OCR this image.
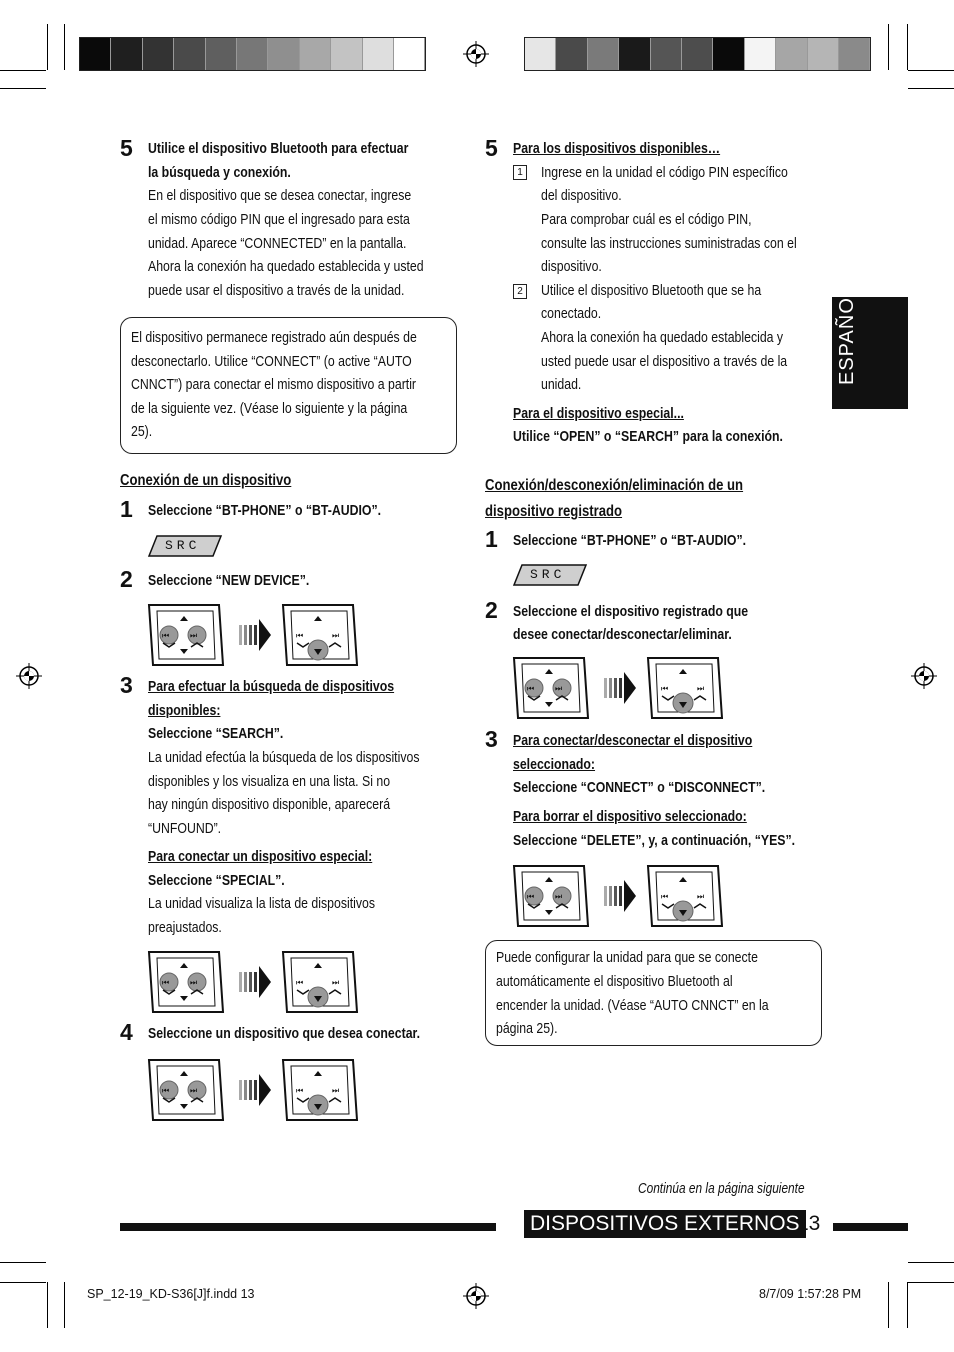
ESPAÑOL
5 Utilice el dispositivo Bluetooth para efectuar
la búsqueda y conexión.
En el dispositivo que se desea conectar, ingrese
el mismo código PIN que el ingresado para esta
unidad. Aparece “CONNECTED” en la pantalla.
Ahora la conexión ha quedado establecida y usted
puede usar el dispositivo a través de la unidad.
El dispositivo permanece registrado aún después de
desconectarlo. Utilice “CONNECT” (o active “AUTO
CNNCT”) para conectar el mismo dispositivo a partir
de la siguiente vez. (Véase lo siguiente y la página
25).
Conexión de un dispositivo
1 Seleccione “BT-PHONE” o “BT-AUDIO”.
SRC
2 Seleccione “NEW DEVICE”.
⏮	⏭	⏮	⏭
3 Para efectuar la búsqueda de dispositivos
disponibles:
Seleccione “SEARCH”.
La unidad efectúa la búsqueda de los dispositivos
disponibles y los visualiza en una lista. Si no
hay ningún dispositivo disponible, aparecerá
“UNFOUND”.
Para conectar un dispositivo especial:
Seleccione “SPECIAL”.
La unidad visualiza la lista de dispositivos
preajustados.
⏮	⏭	⏮	⏭
4 Seleccione un dispositivo que desea conectar.
⏮	⏭	⏮	⏭
5 Para los dispositivos disponibles…
1 Ingrese en la unidad el código PIN específico
del dispositivo.
Para comprobar cuál es el código PIN,
consulte las instrucciones suministradas con el
dispositivo.
2 Utilice el dispositivo Bluetooth que se ha
conectado.
Ahora la conexión ha quedado establecida y
usted puede usar el dispositivo a través de la
unidad.
Para el dispositivo especial...
Utilice “OPEN” o “SEARCH” para la conexión.
Conexión/desconexión/eliminación de un
dispositivo registrado
1 Seleccione “BT-PHONE” o “BT-AUDIO”.
SRC
2 Seleccione el dispositivo registrado que
desee conectar/desconectar/eliminar.
⏮	⏭	⏮	⏭
3 Para conectar/desconectar el dispositivo
seleccionado:
Seleccione “CONNECT” o “DISCONNECT”.
Para borrar el dispositivo seleccionado:
Seleccione “DELETE”, y, a continuación, “YES”.
⏮	⏭	⏮	⏭
Puede configurar la unidad para que se conecte
automáticamente el dispositivo Bluetooth al
encender la unidad. (Véase “AUTO CNNCT” en la
página 25).
Continúa en la página siguiente
DISPOSITIVOS EXTERNOS
13
SP_12-19_KD-S36[J]f.indd 13	8/7/09 1:57:28 PM
